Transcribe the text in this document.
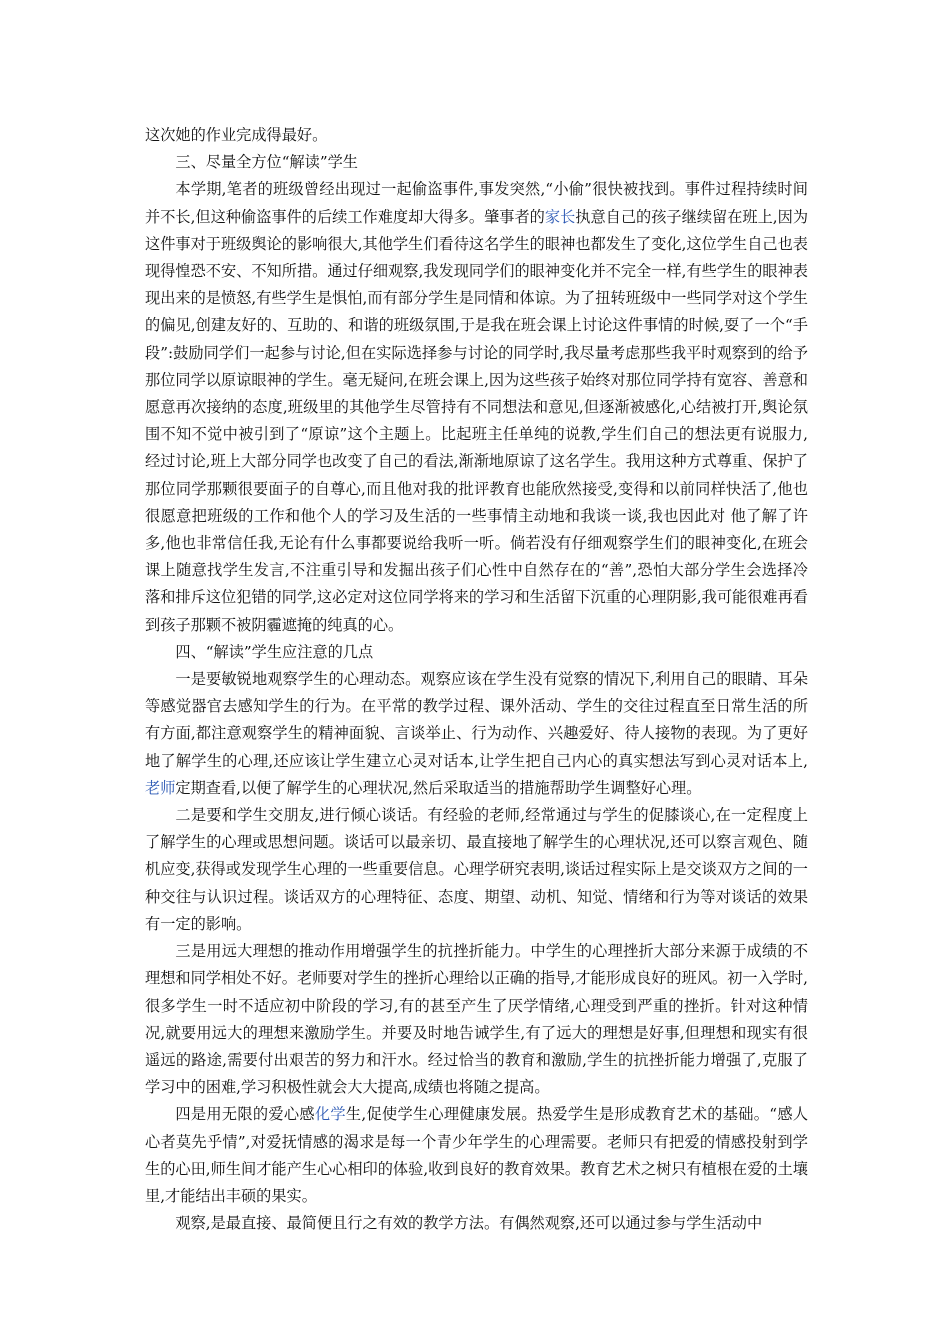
这次她的作业完成得最好。

三、尽量全方位“解读”学生

本学期,笔者的班级曾经出现过一起偷盗事件,事发突然,“小偷”很快被找到。事件过程持续时间并不长,但这种偷盗事件的后续工作难度却大得多。肇事者的家长执意自己的孩子继续留在班上,因为这件事对于班级舆论的影响很大,其他学生们看待这名学生的眼神也都发生了变化,这位学生自己也表现得惶恐不安、不知所措。通过仔细观察,我发现同学们的眼神变化并不完全一样,有些学生的眼神表现出来的是愤怒,有些学生是惧怕,而有部分学生是同情和体谅。为了扭转班级中一些同学对这个学生的偏见,创建友好的、互助的、和谐的班级氛围,于是我在班会课上讨论这件事情的时候,耍了一个“手段”:鼓励同学们一起参与讨论,但在实际选择参与讨论的同学时,我尽量考虑那些我平时观察到的给予那位同学以原谅眼神的学生。毫无疑问,在班会课上,因为这些孩子始终对那位同学持有宽容、善意和愿意再次接纳的态度,班级里的其他学生尽管持有不同想法和意见,但逐渐被感化,心结被打开,舆论氛围不知不觉中被引到了“原谅”这个主题上。比起班主任单纯的说教,学生们自己的想法更有说服力,经过讨论,班上大部分同学也改变了自己的看法,渐渐地原谅了这名学生。我用这种方式尊重、保护了那位同学那颗很要面子的自尊心,而且他对我的批评教育也能欣然接受,变得和以前同样快活了,他也很愿意把班级的工作和他个人的学习及生活的一些事情主动地和我谈一谈,我也因此对 他了解了许多,他也非常信任我,无论有什么事都要说给我听一听。倘若没有仔细观察学生们的眼神变化,在班会课上随意找学生发言,不注重引导和发掘出孩子们心性中自然存在的“善”,恐怕大部分学生会选择冷落和排斥这位犯错的同学,这必定对这位同学将来的学习和生活留下沉重的心理阴影,我可能很难再看到孩子那颗不被阴霾遮掩的纯真的心。

四、“解读”学生应注意的几点

一是要敏锐地观察学生的心理动态。观察应该在学生没有觉察的情况下,利用自己的眼睛、耳朵等感觉器官去感知学生的行为。在平常的教学过程、课外活动、学生的交往过程直至日常生活的所有方面,都注意观察学生的精神面貌、言谈举止、行为动作、兴趣爱好、待人接物的表现。为了更好地了解学生的心理,还应该让学生建立心灵对话本,让学生把自己内心的真实想法写到心灵对话本上,老师定期查看,以便了解学生的心理状况,然后采取适当的措施帮助学生调整好心理。

二是要和学生交朋友,进行倾心谈话。有经验的老师,经常通过与学生的促膝谈心,在一定程度上了解学生的心理或思想问题。谈话可以最亲切、最直接地了解学生的心理状况,还可以察言观色、随机应变,获得或发现学生心理的一些重要信息。心理学研究表明,谈话过程实际上是交谈双方之间的一种交往与认识过程。谈话双方的心理特征、态度、期望、动机、知觉、情绪和行为等对谈话的效果有一定的影响。

三是用远大理想的推动作用增强学生的抗挫折能力。中学生的心理挫折大部分来源于成绩的不理想和同学相处不好。老师要对学生的挫折心理给以正确的指导,才能形成良好的班风。初一入学时,很多学生一时不适应初中阶段的学习,有的甚至产生了厌学情绪,心理受到严重的挫折。针对这种情况,就要用远大的理想来激励学生。并要及时地告诫学生,有了远大的理想是好事,但理想和现实有很遥远的路途,需要付出艰苦的努力和汗水。经过恰当的教育和激励,学生的抗挫折能力增强了,克服了学习中的困难,学习积极性就会大大提高,成绩也将随之提高。

四是用无限的爱心感化学生,促使学生心理健康发展。热爱学生是形成教育艺术的基础。“感人心者莫先乎情”,对爱抚情感的渴求是每一个青少年学生的心理需要。老师只有把爱的情感投射到学生的心田,师生间才能产生心心相印的体验,收到良好的教育效果。教育艺术之树只有植根在爱的土壤里,才能结出丰硕的果实。

观察,是最直接、最简便且行之有效的教学方法。有偶然观察,还可以通过参与学生活动中
